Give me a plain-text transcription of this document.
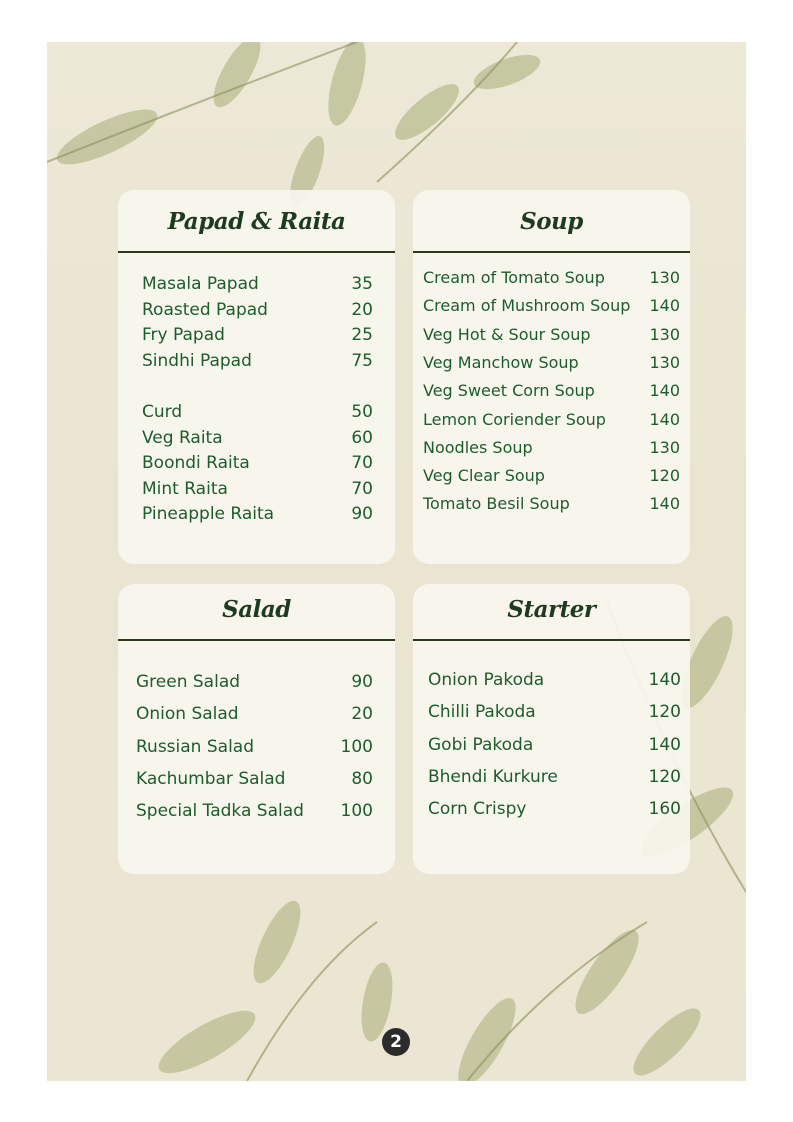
Papad & Raita
Masala Papad	35
Roasted Papad	20
Fry Papad	25
Sindhi Papad	75
Curd	50
Veg Raita	60
Boondi Raita	70
Mint Raita	70
Pineapple Raita	90
Soup
Cream of Tomato Soup	130
Cream of Mushroom Soup 140
Veg Hot & Sour Soup	130
Veg Manchow Soup	130
Veg Sweet Corn Soup	140
Lemon Coriender Soup	140
Noodles Soup	130
Veg Clear Soup	120
Tomato Besil Soup	140
Salad
Green Salad	90
Onion Salad	20
Russian Salad	100
Kachumbar Salad	80
Special Tadka Salad 100
Starter
Onion Pakoda	140
Chilli Pakoda	120
Gobi Pakoda	140
Bhendi Kurkure	120
Corn Crispy	160
2
